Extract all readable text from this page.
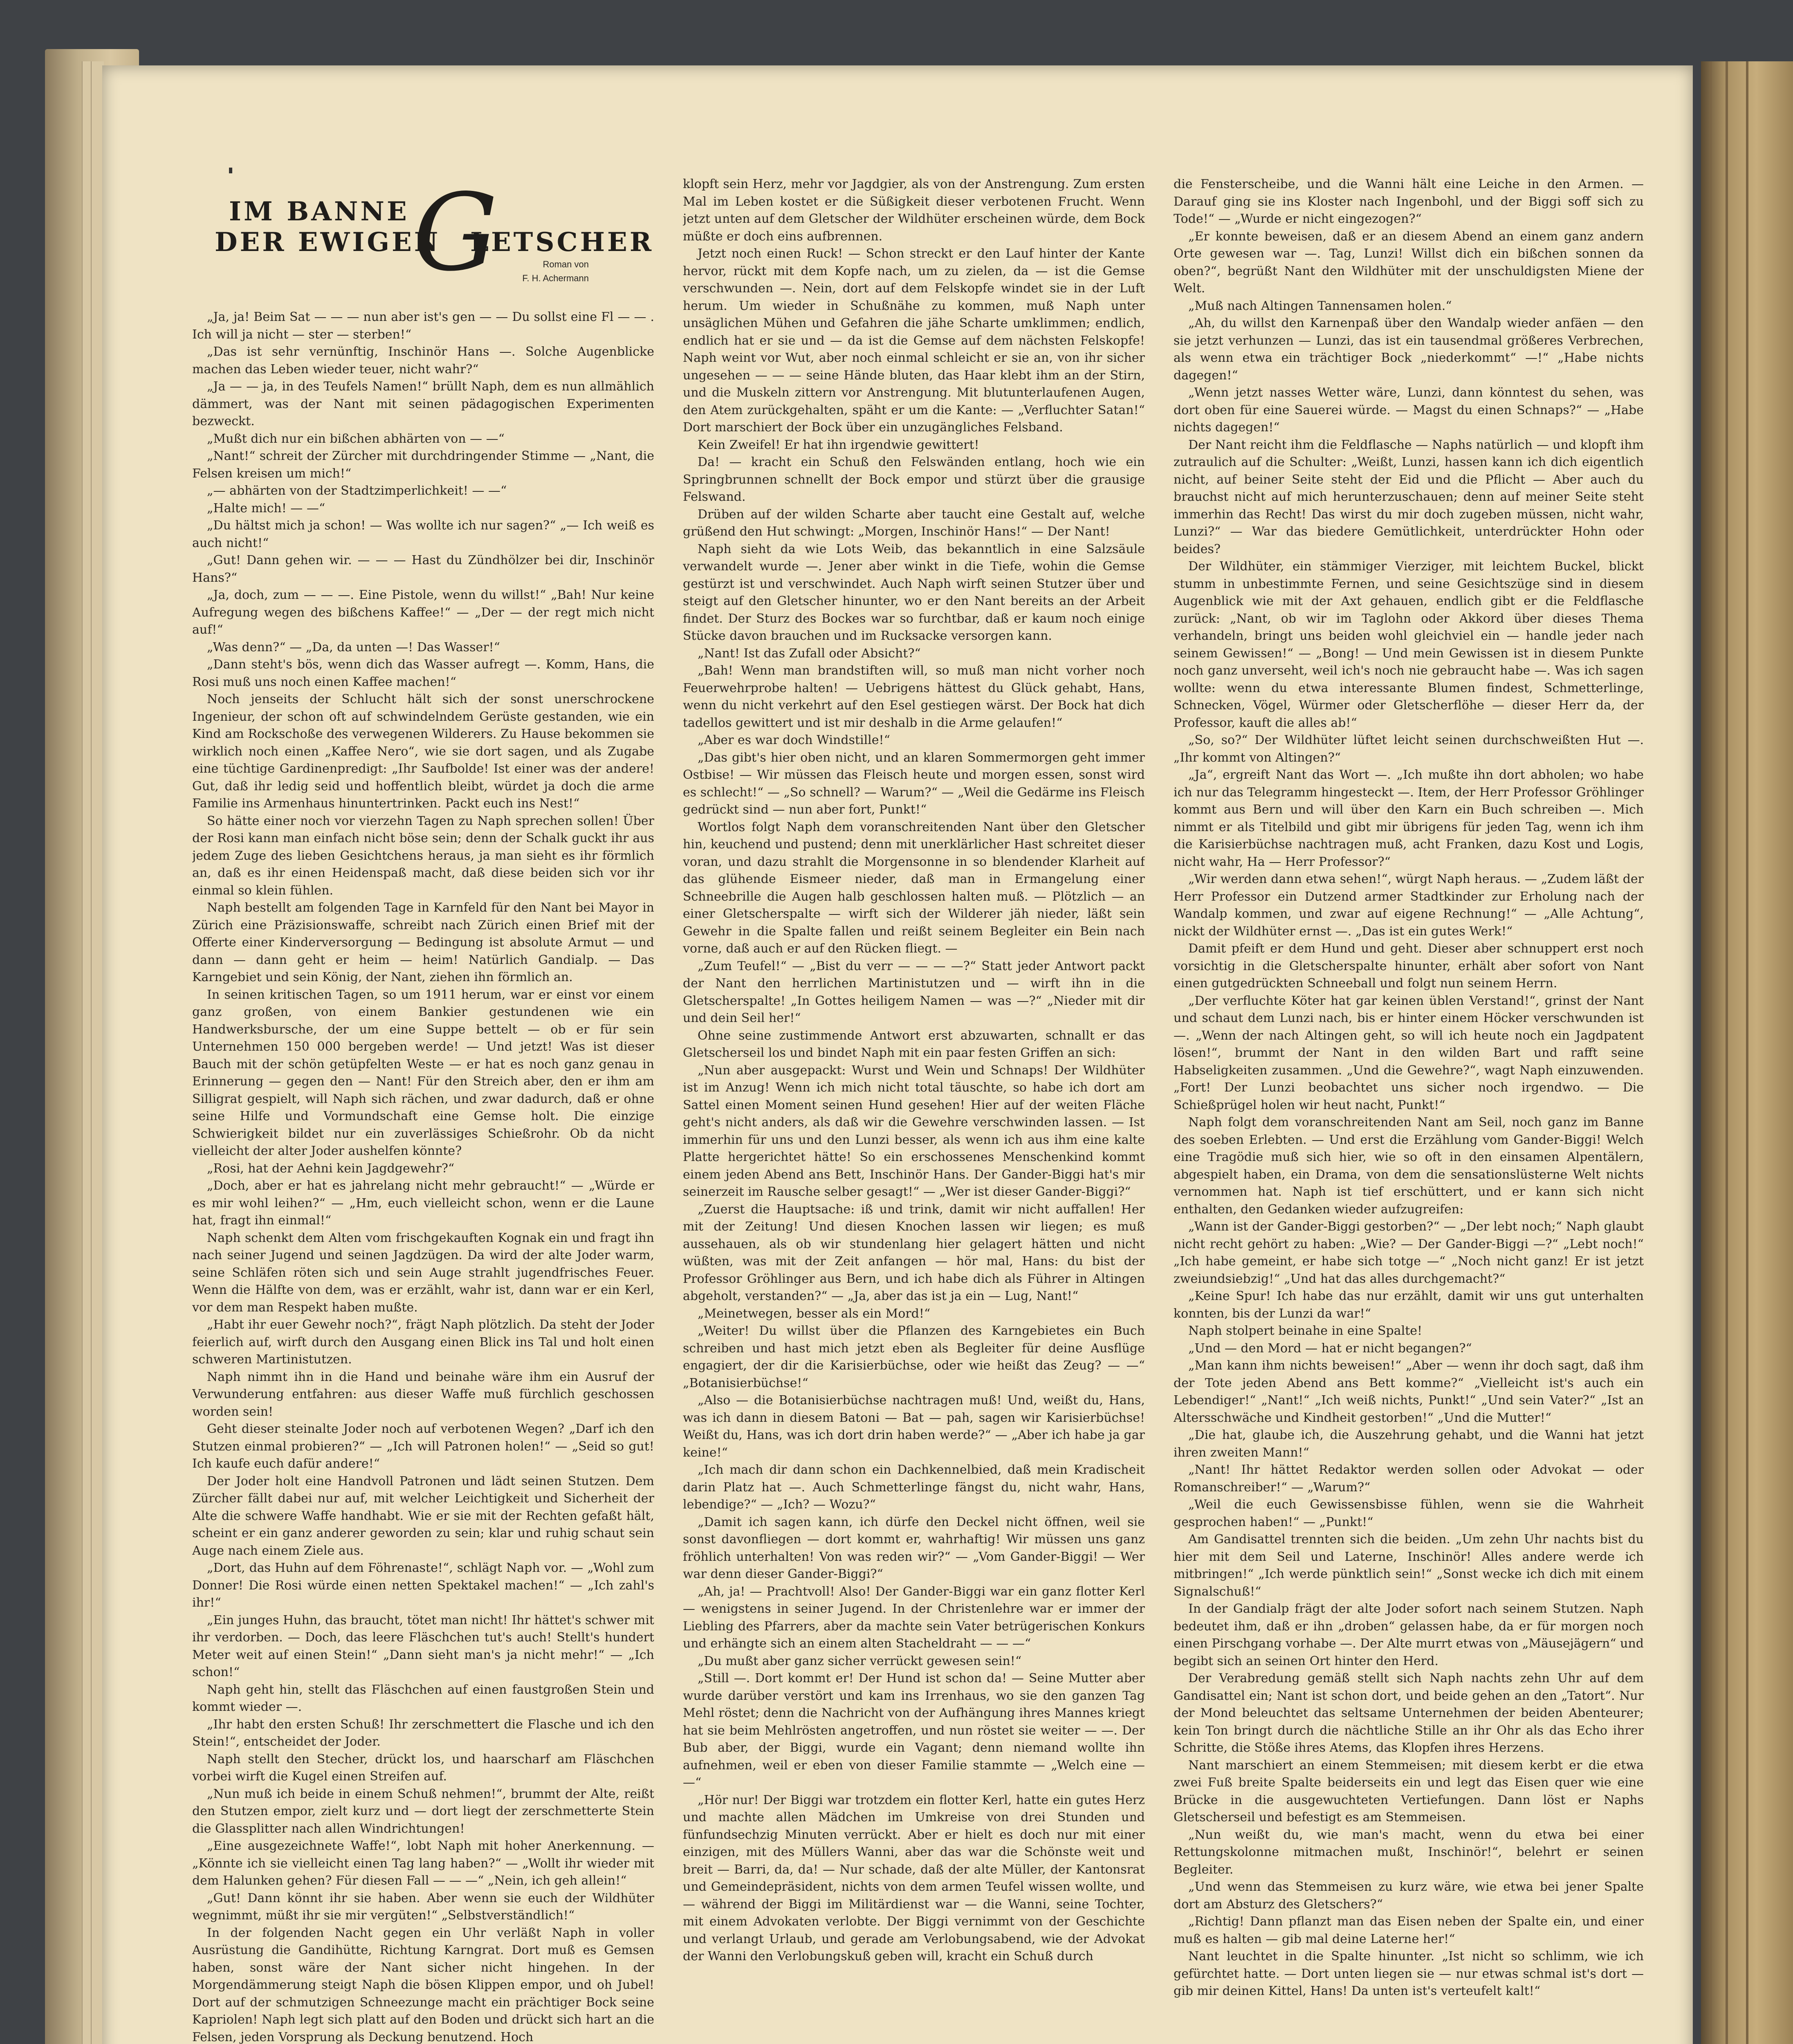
IM BANNE
DER EWIGEN
G
LETSCHER
Roman von
F. H. Achermann

„Ja, ja! Beim Sat — — — nun aber ist's gen — — Du sollst eine Fl — — . Ich will ja nicht — ster — sterben!“

„Das ist sehr vernünftig, Inschinör Hans —. Solche Augenblicke machen das Leben wieder teuer, nicht wahr?“

„Ja — — ja, in des Teufels Namen!“ brüllt Naph, dem es nun allmählich dämmert, was der Nant mit seinen pädagogischen Experimenten bezweckt.

„Mußt dich nur ein bißchen abhärten von — —“

„Nant!“ schreit der Zürcher mit durchdringender Stimme — „Nant, die Felsen kreisen um mich!“

„— abhärten von der Stadtzimperlichkeit! — —“

„Halte mich! — —“

„Du hältst mich ja schon! — Was wollte ich nur sagen?“ „— Ich weiß es auch nicht!“

„Gut! Dann gehen wir. — — — Hast du Zündhölzer bei dir, Inschinör Hans?“

„Ja, doch, zum — — —. Eine Pistole, wenn du willst!“ „Bah! Nur keine Aufregung wegen des bißchens Kaffee!“ — „Der — der regt mich nicht auf!“

„Was denn?“ — „Da, da unten —! Das Wasser!“

„Dann steht's bös, wenn dich das Wasser aufregt —. Komm, Hans, die Rosi muß uns noch einen Kaffee machen!“

Noch jenseits der Schlucht hält sich der sonst unerschrockene Ingenieur, der schon oft auf schwindelndem Gerüste gestanden, wie ein Kind am Rockschoße des verwegenen Wilderers. Zu Hause bekommen sie wirklich noch einen „Kaffee Nero“, wie sie dort sagen, und als Zugabe eine tüchtige Gardinenpredigt: „Ihr Saufbolde! Ist einer was der andere! Gut, daß ihr ledig seid und hoffentlich bleibt, würdet ja doch die arme Familie ins Armenhaus hinuntertrinken. Packt euch ins Nest!“

So hätte einer noch vor vierzehn Tagen zu Naph sprechen sollen! Über der Rosi kann man einfach nicht böse sein; denn der Schalk guckt ihr aus jedem Zuge des lieben Gesichtchens heraus, ja man sieht es ihr förmlich an, daß es ihr einen Heidenspaß macht, daß diese beiden sich vor ihr einmal so klein fühlen.

Naph bestellt am folgenden Tage in Karnfeld für den Nant bei Mayor in Zürich eine Präzisionswaffe, schreibt nach Zürich einen Brief mit der Offerte einer Kinderversorgung — Bedingung ist absolute Armut — und dann — dann geht er heim — heim! Natürlich Gandialp. — Das Karngebiet und sein König, der Nant, ziehen ihn förmlich an.

In seinen kritischen Tagen, so um 1911 herum, war er einst vor einem ganz großen, von einem Bankier gestundenen wie ein Handwerksbursche, der um eine Suppe bettelt — ob er für sein Unternehmen 150 000 bergeben werde! — Und jetzt! Was ist dieser Bauch mit der schön getüpfelten Weste — er hat es noch ganz genau in Erinnerung — gegen den — Nant! Für den Streich aber, den er ihm am Silligrat gespielt, will Naph sich rächen, und zwar dadurch, daß er ohne seine Hilfe und Vormundschaft eine Gemse holt. Die einzige Schwierigkeit bildet nur ein zuverlässiges Schießrohr. Ob da nicht vielleicht der alter Joder aushelfen könnte?

„Rosi, hat der Aehni kein Jagdgewehr?“

„Doch, aber er hat es jahrelang nicht mehr gebraucht!“ — „Würde er es mir wohl leihen?“ — „Hm, euch vielleicht schon, wenn er die Laune hat, fragt ihn einmal!“

Naph schenkt dem Alten vom frischgekauften Kognak ein und fragt ihn nach seiner Jugend und seinen Jagdzügen. Da wird der alte Joder warm, seine Schläfen röten sich und sein Auge strahlt jugendfrisches Feuer. Wenn die Hälfte von dem, was er erzählt, wahr ist, dann war er ein Kerl, vor dem man Respekt haben mußte.

„Habt ihr euer Gewehr noch?“, frägt Naph plötzlich. Da steht der Joder feierlich auf, wirft durch den Ausgang einen Blick ins Tal und holt einen schweren Martinistutzen.

Naph nimmt ihn in die Hand und beinahe wäre ihm ein Ausruf der Verwunderung entfahren: aus dieser Waffe muß fürchlich geschossen worden sein!

Geht dieser steinalte Joder noch auf verbotenen Wegen? „Darf ich den Stutzen einmal probieren?“ — „Ich will Patronen holen!“ — „Seid so gut! Ich kaufe euch dafür andere!“

Der Joder holt eine Handvoll Patronen und lädt seinen Stutzen. Dem Zürcher fällt dabei nur auf, mit welcher Leichtigkeit und Sicherheit der Alte die schwere Waffe handhabt. Wie er sie mit der Rechten gefaßt hält, scheint er ein ganz anderer geworden zu sein; klar und ruhig schaut sein Auge nach einem Ziele aus.

„Dort, das Huhn auf dem Föhrenaste!“, schlägt Naph vor. — „Wohl zum Donner! Die Rosi würde einen netten Spektakel machen!“ — „Ich zahl's ihr!“

„Ein junges Huhn, das braucht, tötet man nicht! Ihr hättet's schwer mit ihr verdorben. — Doch, das leere Fläschchen tut's auch! Stellt's hundert Meter weit auf einen Stein!“ „Dann sieht man's ja nicht mehr!“ — „Ich schon!“

Naph geht hin, stellt das Fläschchen auf einen faustgroßen Stein und kommt wieder —.

„Ihr habt den ersten Schuß! Ihr zerschmettert die Flasche und ich den Stein!“, entscheidet der Joder.

Naph stellt den Stecher, drückt los, und haarscharf am Fläschchen vorbei wirft die Kugel einen Streifen auf.

„Nun muß ich beide in einem Schuß nehmen!“, brummt der Alte, reißt den Stutzen empor, zielt kurz und — dort liegt der zerschmetterte Stein die Glassplitter nach allen Windrichtungen!

„Eine ausgezeichnete Waffe!“, lobt Naph mit hoher Anerkennung. — „Könnte ich sie vielleicht einen Tag lang haben?“ — „Wollt ihr wieder mit dem Halunken gehen? Für diesen Fall — — —“ „Nein, ich geh allein!“

„Gut! Dann könnt ihr sie haben. Aber wenn sie euch der Wildhüter wegnimmt, müßt ihr sie mir vergüten!“ „Selbstverständlich!“

In der folgenden Nacht gegen ein Uhr verläßt Naph in voller Ausrüstung die Gandihütte, Richtung Karngrat. Dort muß es Gemsen haben, sonst wäre der Nant sicher nicht hingehen. In der Morgendämmerung steigt Naph die bösen Klippen empor, und oh Jubel! Dort auf der schmutzigen Schneezunge macht ein prächtiger Bock seine Kapriolen! Naph legt sich platt auf den Boden und drückt sich hart an die Felsen, jeden Vorsprung als Deckung benutzend. Hoch

klopft sein Herz, mehr vor Jagdgier, als von der Anstrengung. Zum ersten Mal im Leben kostet er die Süßigkeit dieser verbotenen Frucht. Wenn jetzt unten auf dem Gletscher der Wildhüter erscheinen würde, dem Bock müßte er doch eins aufbrennen.

Jetzt noch einen Ruck! — Schon streckt er den Lauf hinter der Kante hervor, rückt mit dem Kopfe nach, um zu zielen, da — ist die Gemse verschwunden —. Nein, dort auf dem Felskopfe windet sie in der Luft herum. Um wieder in Schußnähe zu kommen, muß Naph unter unsäglichen Mühen und Gefahren die jähe Scharte umklimmen; endlich, endlich hat er sie und — da ist die Gemse auf dem nächsten Felskopfe! Naph weint vor Wut, aber noch einmal schleicht er sie an, von ihr sicher ungesehen — — — seine Hände bluten, das Haar klebt ihm an der Stirn, und die Muskeln zittern vor Anstrengung. Mit blutunterlaufenen Augen, den Atem zurückgehalten, späht er um die Kante: — „Verfluchter Satan!“ Dort marschiert der Bock über ein unzugängliches Felsband.

Kein Zweifel! Er hat ihn irgendwie gewittert!

Da! — kracht ein Schuß den Felswänden entlang, hoch wie ein Springbrunnen schnellt der Bock empor und stürzt über die grausige Felswand.

Drüben auf der wilden Scharte aber taucht eine Gestalt auf, welche grüßend den Hut schwingt: „Morgen, Inschinör Hans!“ — Der Nant!

Naph sieht da wie Lots Weib, das bekanntlich in eine Salzsäule verwandelt wurde —. Jener aber winkt in die Tiefe, wohin die Gemse gestürzt ist und verschwindet. Auch Naph wirft seinen Stutzer über und steigt auf den Gletscher hinunter, wo er den Nant bereits an der Arbeit findet. Der Sturz des Bockes war so furchtbar, daß er kaum noch einige Stücke davon brauchen und im Rucksacke versorgen kann.

„Nant! Ist das Zufall oder Absicht?“

„Bah! Wenn man brandstiften will, so muß man nicht vorher noch Feuerwehrprobe halten! — Uebrigens hättest du Glück gehabt, Hans, wenn du nicht verkehrt auf den Esel gestiegen wärst. Der Bock hat dich tadellos gewittert und ist mir deshalb in die Arme gelaufen!“

„Aber es war doch Windstille!“

„Das gibt's hier oben nicht, und an klaren Sommermorgen geht immer Ostbise! — Wir müssen das Fleisch heute und morgen essen, sonst wird es schlecht!“ — „So schnell? — Warum?“ — „Weil die Gedärme ins Fleisch gedrückt sind — nun aber fort, Punkt!“

Wortlos folgt Naph dem voranschreitenden Nant über den Gletscher hin, keuchend und pustend; denn mit unerklärlicher Hast schreitet dieser voran, und dazu strahlt die Morgensonne in so blendender Klarheit auf das glühende Eismeer nieder, daß man in Ermangelung einer Schneebrille die Augen halb geschlossen halten muß. — Plötzlich — an einer Gletscherspalte — wirft sich der Wilderer jäh nieder, läßt sein Gewehr in die Spalte fallen und reißt seinem Begleiter ein Bein nach vorne, daß auch er auf den Rücken fliegt. —

„Zum Teufel!“ — „Bist du verr — — — —?“ Statt jeder Antwort packt der Nant den herrlichen Martinistutzen und — wirft ihn in die Gletscherspalte! „In Gottes heiligem Namen — was —?“ „Nieder mit dir und dein Seil her!“

Ohne seine zustimmende Antwort erst abzuwarten, schnallt er das Gletscherseil los und bindet Naph mit ein paar festen Griffen an sich:

„Nun aber ausgepackt: Wurst und Wein und Schnaps! Der Wildhüter ist im Anzug! Wenn ich mich nicht total täuschte, so habe ich dort am Sattel einen Moment seinen Hund gesehen! Hier auf der weiten Fläche geht's nicht anders, als daß wir die Gewehre verschwinden lassen. — Ist immerhin für uns und den Lunzi besser, als wenn ich aus ihm eine kalte Platte hergerichtet hätte! So ein erschossenes Menschenkind kommt einem jeden Abend ans Bett, Inschinör Hans. Der Gander-Biggi hat's mir seinerzeit im Rausche selber gesagt!“ — „Wer ist dieser Gander-Biggi?“

„Zuerst die Hauptsache: iß und trink, damit wir nicht auffallen! Her mit der Zeitung! Und diesen Knochen lassen wir liegen; es muß aussehauen, als ob wir stundenlang hier gelagert hätten und nicht wüßten, was mit der Zeit anfangen — hör mal, Hans: du bist der Professor Gröhlinger aus Bern, und ich habe dich als Führer in Altingen abgeholt, verstanden?“ — „Ja, aber das ist ja ein — Lug, Nant!“

„Meinetwegen, besser als ein Mord!“

„Weiter! Du willst über die Pflanzen des Karngebietes ein Buch schreiben und hast mich jetzt eben als Begleiter für deine Ausflüge engagiert, der dir die Karisierbüchse, oder wie heißt das Zeug? — —“ „Botanisierbüchse!“

„Also — die Botanisierbüchse nachtragen muß! Und, weißt du, Hans, was ich dann in diesem Batoni — Bat — pah, sagen wir Karisierbüchse! Weißt du, Hans, was ich dort drin haben werde?“ — „Aber ich habe ja gar keine!“

„Ich mach dir dann schon ein Dachkennelbied, daß mein Kradischeit darin Platz hat —. Auch Schmetterlinge fängst du, nicht wahr, Hans, lebendige?“ — „Ich? — Wozu?“

„Damit ich sagen kann, ich dürfe den Deckel nicht öffnen, weil sie sonst davonfliegen — dort kommt er, wahrhaftig! Wir müssen uns ganz fröhlich unterhalten! Von was reden wir?“ — „Vom Gander-Biggi! — Wer war denn dieser Gander-Biggi?“

„Ah, ja! — Prachtvoll! Also! Der Gander-Biggi war ein ganz flotter Kerl — wenigstens in seiner Jugend. In der Christenlehre war er immer der Liebling des Pfarrers, aber da machte sein Vater betrügerischen Konkurs und erhängte sich an einem alten Stacheldraht — — —“

„Du mußt aber ganz sicher verrückt gewesen sein!“

„Still —. Dort kommt er! Der Hund ist schon da! — Seine Mutter aber wurde darüber verstört und kam ins Irrenhaus, wo sie den ganzen Tag Mehl röstet; denn die Nachricht von der Aufhängung ihres Mannes kriegt hat sie beim Mehlrösten angetroffen, und nun röstet sie weiter — —. Der Bub aber, der Biggi, wurde ein Vagant; denn niemand wollte ihn aufnehmen, weil er eben von dieser Familie stammte — „Welch eine — —“

„Hör nur! Der Biggi war trotzdem ein flotter Kerl, hatte ein gutes Herz und machte allen Mädchen im Umkreise von drei Stunden und fünfundsechzig Minuten verrückt. Aber er hielt es doch nur mit einer einzigen, mit des Müllers Wanni, aber das war die Schönste weit und breit — Barri, da, da! — Nur schade, daß der alte Müller, der Kantonsrat und Gemeindepräsident, nichts von dem armen Teufel wissen wollte, und — während der Biggi im Militärdienst war — die Wanni, seine Tochter, mit einem Advokaten verlobte. Der Biggi vernimmt von der Geschichte und verlangt Urlaub, und gerade am Verlobungsabend, wie der Advokat der Wanni den Verlobungskuß geben will, kracht ein Schuß durch

die Fensterscheibe, und die Wanni hält eine Leiche in den Armen. — Darauf ging sie ins Kloster nach Ingenbohl, und der Biggi soff sich zu Tode!“ — „Wurde er nicht eingezogen?“

„Er konnte beweisen, daß er an diesem Abend an einem ganz andern Orte gewesen war —. Tag, Lunzi! Willst dich ein bißchen sonnen da oben?“, begrüßt Nant den Wildhüter mit der unschuldigsten Miene der Welt.

„Muß nach Altingen Tannensamen holen.“

„Ah, du willst den Karnenpaß über den Wandalp wieder anfäen — den sie jetzt verhunzen — Lunzi, das ist ein tausendmal größeres Verbrechen, als wenn etwa ein trächtiger Bock „niederkommt“ —!“ „Habe nichts dagegen!“

„Wenn jetzt nasses Wetter wäre, Lunzi, dann könntest du sehen, was dort oben für eine Sauerei würde. — Magst du einen Schnaps?“ — „Habe nichts dagegen!“

Der Nant reicht ihm die Feldflasche — Naphs natürlich — und klopft ihm zutraulich auf die Schulter: „Weißt, Lunzi, hassen kann ich dich eigentlich nicht, auf beiner Seite steht der Eid und die Pflicht — Aber auch du brauchst nicht auf mich herunterzuschauen; denn auf meiner Seite steht immerhin das Recht! Das wirst du mir doch zugeben müssen, nicht wahr, Lunzi?“ — War das biedere Gemütlichkeit, unterdrückter Hohn oder beides?

Der Wildhüter, ein stämmiger Vierziger, mit leichtem Buckel, blickt stumm in unbestimmte Fernen, und seine Gesichtszüge sind in diesem Augenblick wie mit der Axt gehauen, endlich gibt er die Feldflasche zurück: „Nant, ob wir im Taglohn oder Akkord über dieses Thema verhandeln, bringt uns beiden wohl gleichviel ein — handle jeder nach seinem Gewissen!“ — „Bong! — Und mein Gewissen ist in diesem Punkte noch ganz unverseht, weil ich's noch nie gebraucht habe —. Was ich sagen wollte: wenn du etwa interessante Blumen findest, Schmetterlinge, Schnecken, Vögel, Würmer oder Gletscherflöhe — dieser Herr da, der Professor, kauft die alles ab!“

„So, so?“ Der Wildhüter lüftet leicht seinen durchschweißten Hut —. „Ihr kommt von Altingen?“

„Ja“, ergreift Nant das Wort —. „Ich mußte ihn dort abholen; wo habe ich nur das Telegramm hingesteckt —. Item, der Herr Professor Gröhlinger kommt aus Bern und will über den Karn ein Buch schreiben —. Mich nimmt er als Titelbild und gibt mir übrigens für jeden Tag, wenn ich ihm die Karisierbüchse nachtragen muß, acht Franken, dazu Kost und Logis, nicht wahr, Ha — Herr Professor?“

„Wir werden dann etwa sehen!“, würgt Naph heraus. — „Zudem läßt der Herr Professor ein Dutzend armer Stadtkinder zur Erholung nach der Wandalp kommen, und zwar auf eigene Rechnung!“ — „Alle Achtung“, nickt der Wildhüter ernst —. „Das ist ein gutes Werk!“

Damit pfeift er dem Hund und geht. Dieser aber schnuppert erst noch vorsichtig in die Gletscherspalte hinunter, erhält aber sofort von Nant einen gutgedrückten Schneeball und folgt nun seinem Herrn.

„Der verfluchte Köter hat gar keinen üblen Verstand!“, grinst der Nant und schaut dem Lunzi nach, bis er hinter einem Höcker verschwunden ist —. „Wenn der nach Altingen geht, so will ich heute noch ein Jagdpatent lösen!“, brummt der Nant in den wilden Bart und rafft seine Habseligkeiten zusammen. „Und die Gewehre?“, wagt Naph einzuwenden. „Fort! Der Lunzi beobachtet uns sicher noch irgendwo. — Die Schießprügel holen wir heut nacht, Punkt!“

Naph folgt dem voranschreitenden Nant am Seil, noch ganz im Banne des soeben Erlebten. — Und erst die Erzählung vom Gander-Biggi! Welch eine Tragödie muß sich hier, wie so oft in den einsamen Alpentälern, abgespielt haben, ein Drama, von dem die sensationslüsterne Welt nichts vernommen hat. Naph ist tief erschüttert, und er kann sich nicht enthalten, den Gedanken wieder aufzugreifen:

„Wann ist der Gander-Biggi gestorben?“ — „Der lebt noch;“ Naph glaubt nicht recht gehört zu haben: „Wie? — Der Gander-Biggi —?“ „Lebt noch!“ „Ich habe gemeint, er habe sich totge —“ „Noch nicht ganz! Er ist jetzt zweiundsiebzig!“ „Und hat das alles durchgemacht?“

„Keine Spur! Ich habe das nur erzählt, damit wir uns gut unterhalten konnten, bis der Lunzi da war!“

Naph stolpert beinahe in eine Spalte!

„Und — den Mord — hat er nicht begangen?“

„Man kann ihm nichts beweisen!“ „Aber — wenn ihr doch sagt, daß ihm der Tote jeden Abend ans Bett komme?“ „Vielleicht ist's auch ein Lebendiger!“ „Nant!“ „Ich weiß nichts, Punkt!“ „Und sein Vater?“ „Ist an Altersschwäche und Kindheit gestorben!“ „Und die Mutter!“

„Die hat, glaube ich, die Auszehrung gehabt, und die Wanni hat jetzt ihren zweiten Mann!“

„Nant! Ihr hättet Redaktor werden sollen oder Advokat — oder Romanschreiber!“ — „Warum?“

„Weil die euch Gewissensbisse fühlen, wenn sie die Wahrheit gesprochen haben!“ — „Punkt!“

Am Gandisattel trennten sich die beiden. „Um zehn Uhr nachts bist du hier mit dem Seil und Laterne, Inschinör! Alles andere werde ich mitbringen!“ „Ich werde pünktlich sein!“ „Sonst wecke ich dich mit einem Signalschuß!“

In der Gandialp frägt der alte Joder sofort nach seinem Stutzen. Naph bedeutet ihm, daß er ihn „droben“ gelassen habe, da er für morgen noch einen Pirschgang vorhabe —. Der Alte murrt etwas von „Mäusejägern“ und begibt sich an seinen Ort hinter den Herd.

Der Verabredung gemäß stellt sich Naph nachts zehn Uhr auf dem Gandisattel ein; Nant ist schon dort, und beide gehen an den „Tatort“. Nur der Mond beleuchtet das seltsame Unternehmen der beiden Abenteurer; kein Ton bringt durch die nächtliche Stille an ihr Ohr als das Echo ihrer Schritte, die Stöße ihres Atems, das Klopfen ihres Herzens.

Nant marschiert an einem Stemmeisen; mit diesem kerbt er die etwa zwei Fuß breite Spalte beiderseits ein und legt das Eisen quer wie eine Brücke in die ausgewuchteten Vertiefungen. Dann löst er Naphs Gletscherseil und befestigt es am Stemmeisen.

„Nun weißt du, wie man's macht, wenn du etwa bei einer Rettungskolonne mitmachen mußt, Inschinör!“, belehrt er seinen Begleiter.

„Und wenn das Stemmeisen zu kurz wäre, wie etwa bei jener Spalte dort am Absturz des Gletschers?“

„Richtig! Dann pflanzt man das Eisen neben der Spalte ein, und einer muß es halten — gib mal deine Laterne her!“

Nant leuchtet in die Spalte hinunter. „Ist nicht so schlimm, wie ich gefürchtet hatte. — Dort unten liegen sie — nur etwas schmal ist's dort — gib mir deinen Kittel, Hans! Da unten ist's verteufelt kalt!“
